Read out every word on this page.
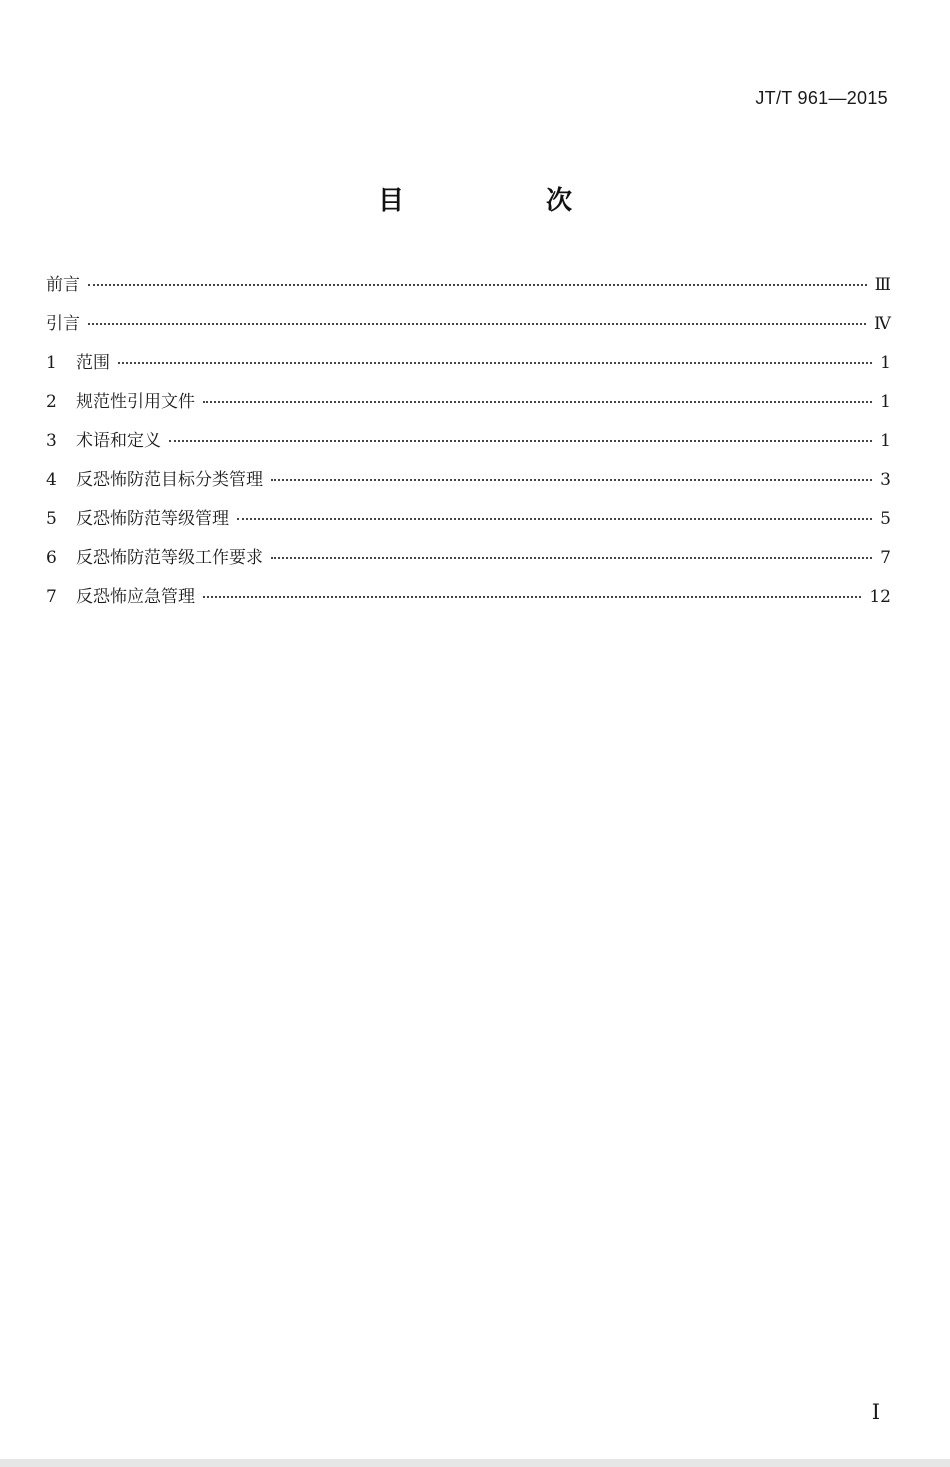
JT/T 961—2015
目　次
前言	Ⅲ
引言	Ⅳ
1	范围	1
2	规范性引用文件	1
3	术语和定义	1
4	反恐怖防范目标分类管理	3
5	反恐怖防范等级管理	5
6	反恐怖防范等级工作要求	7
7	反恐怖应急管理	12
Ⅰ
